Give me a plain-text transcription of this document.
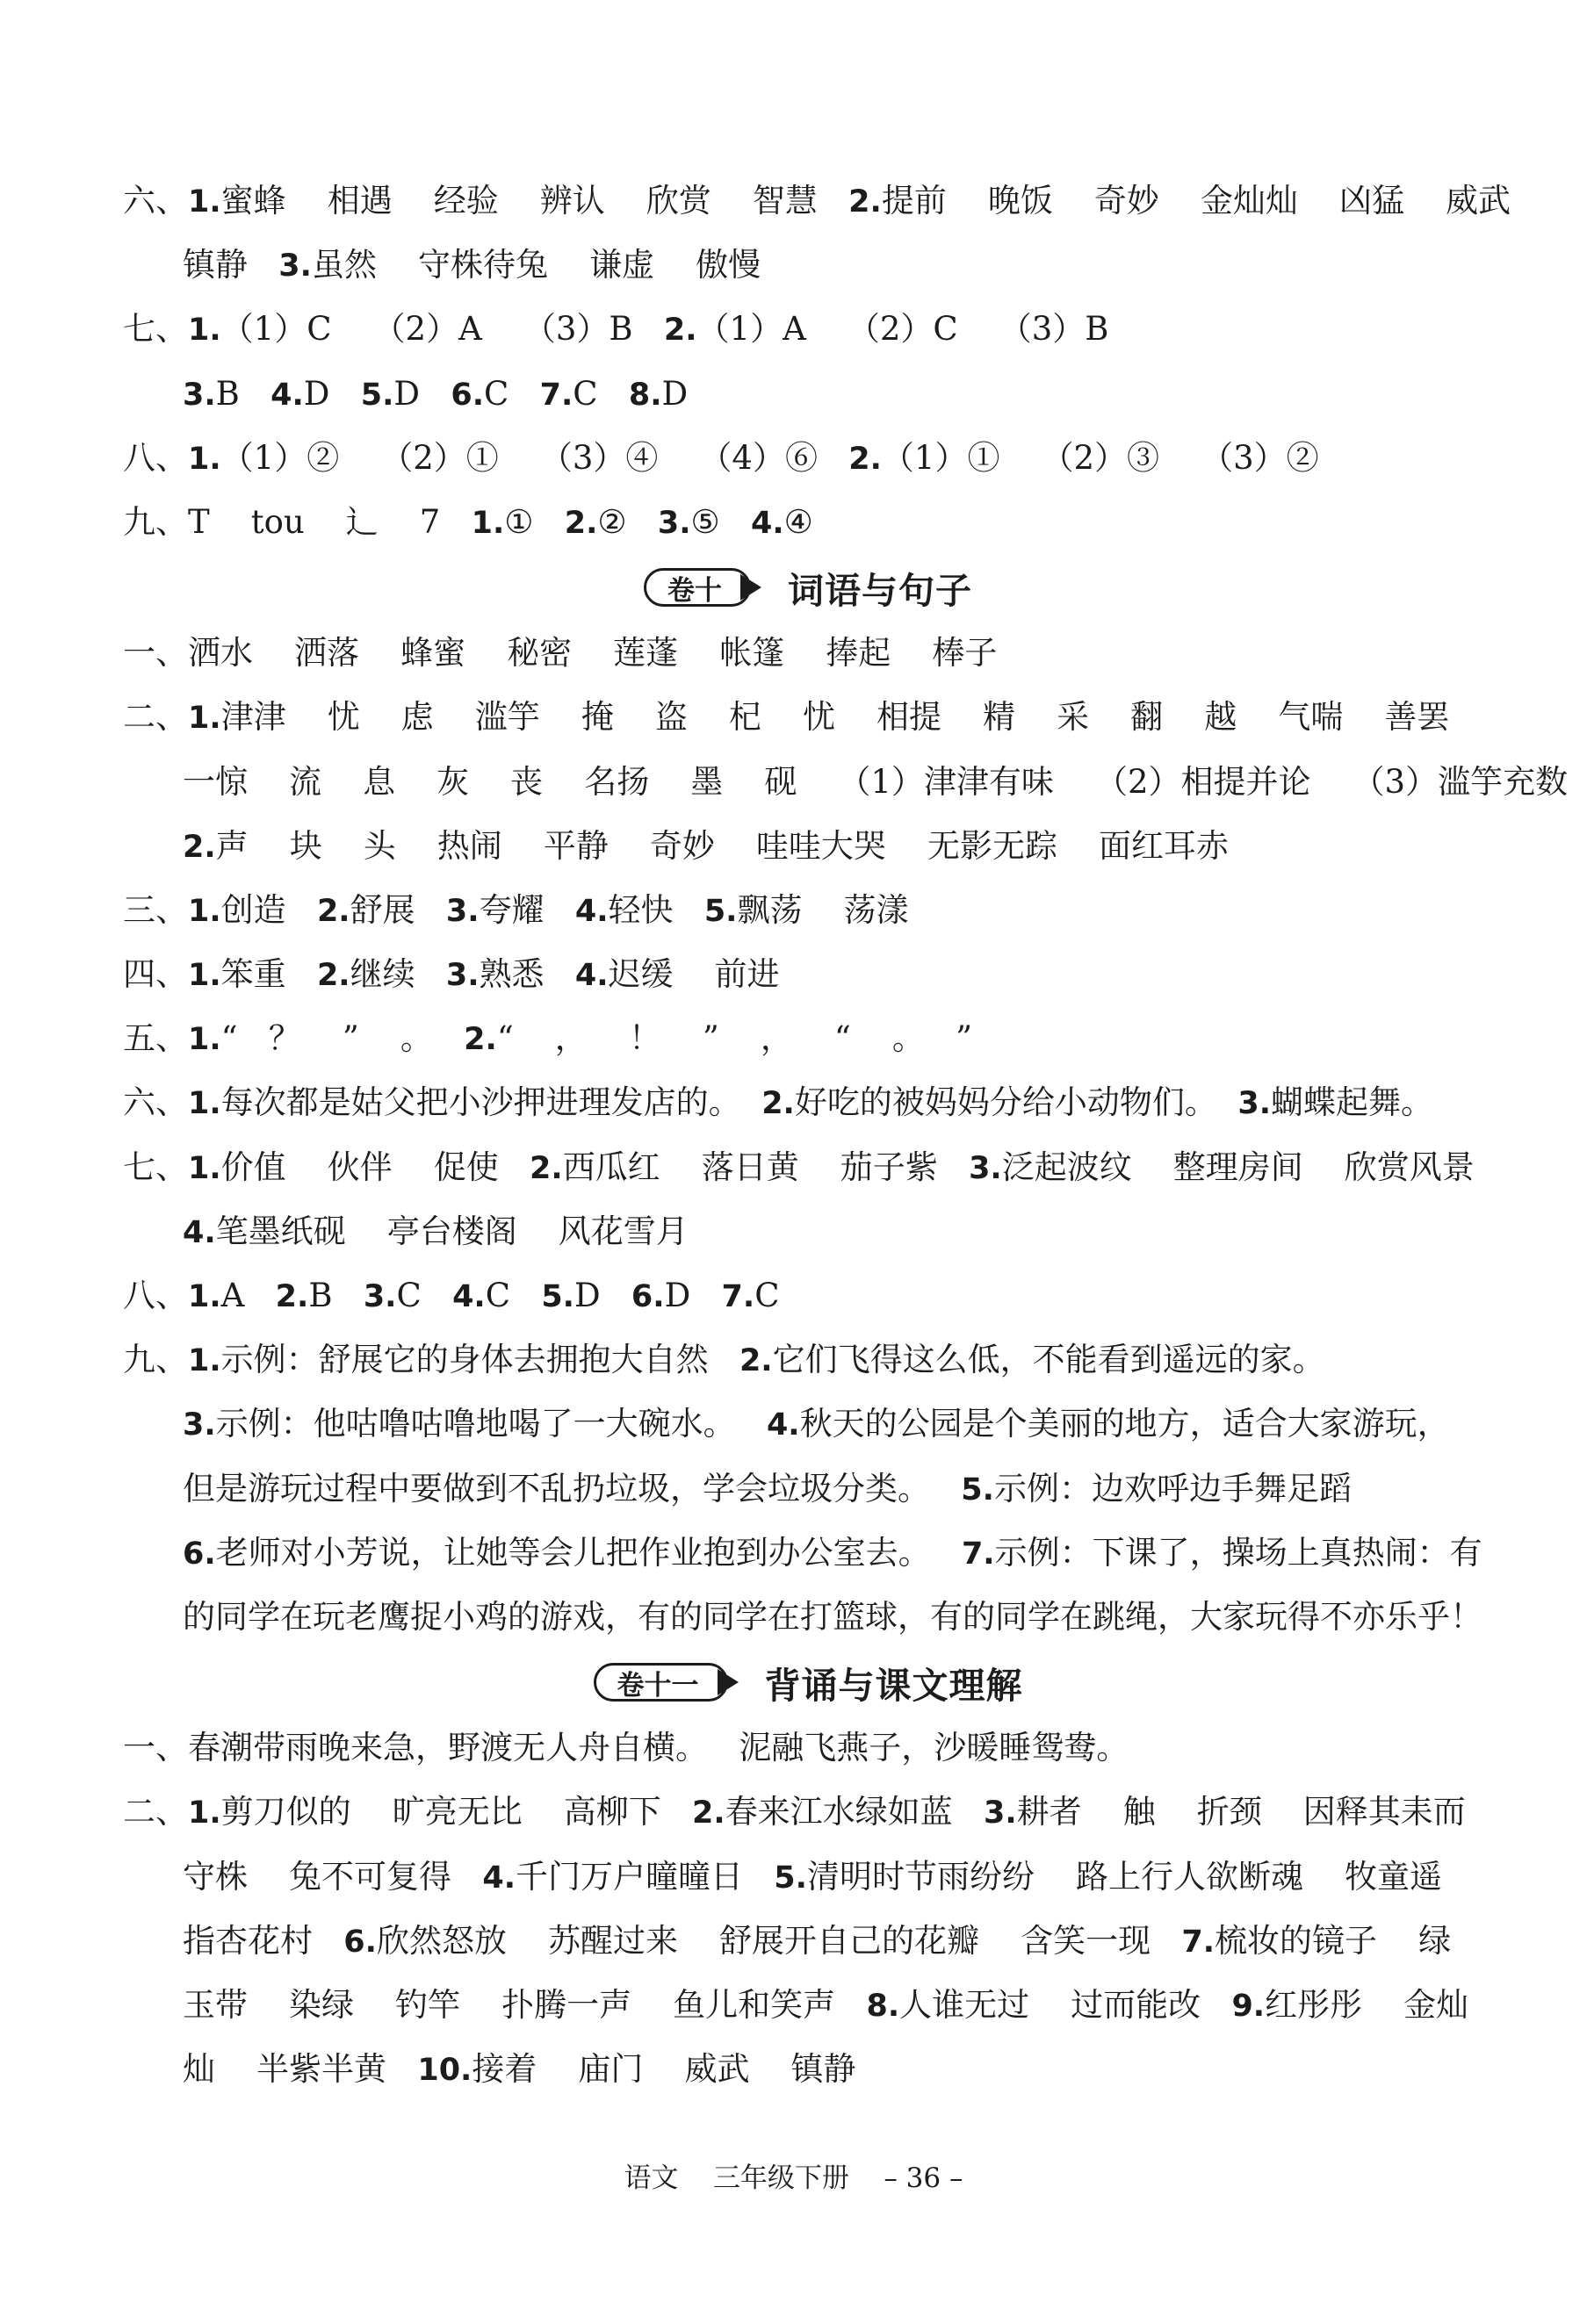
六、1.蜜蜂    相遇    经验    辨认    欣赏    智慧   2.提前    晚饭    奇妙    金灿灿    凶猛    威武
镇静   3.虽然    守株待兔    谦虚    傲慢
七、1.（1）C    （2）A    （3）B   2.（1）A    （2）C    （3）B
3.B   4.D   5.D   6.C   7.C   8.D
八、1.（1）②    （2）①    （3）④    （4）⑥   2.（1）①    （2）③    （3）②
九、T    tou    辶    7   1.①   2.②   3.⑤   4.④
卷十	词语与句子
一、洒水    洒落    蜂蜜    秘密    莲蓬    帐篷    捧起    棒子
二、1.津津    忧    虑    滥竽    掩    盗    杞    忧    相提    精    采    翻    越    气喘    善罢
一惊    流    息    灰    丧    名扬    墨    砚    （1）津津有味    （2）相提并论    （3）滥竽充数
2.声    块    头    热闹    平静    奇妙    哇哇大哭    无影无踪    面红耳赤
三、1.创造   2.舒展   3.夸耀   4.轻快   5.飘荡    荡漾
四、1.笨重   2.继续   3.熟悉   4.迟缓    前进
五、1.“   ？    ”    。   2.“    ，    ！    ”    ，    “    。   ”
六、1.每次都是姑父把小沙押进理发店的。  2.好吃的被妈妈分给小动物们。  3.蝴蝶起舞。
七、1.价值    伙伴    促使   2.西瓜红    落日黄    茄子紫   3.泛起波纹    整理房间    欣赏风景
4.笔墨纸砚    亭台楼阁    风花雪月
八、1.A   2.B   3.C   4.C   5.D   6.D   7.C
九、1.示例：舒展它的身体去拥抱大自然   2.它们飞得这么低，不能看到遥远的家。
3.示例：他咕噜咕噜地喝了一大碗水。   4.秋天的公园是个美丽的地方，适合大家游玩，
但是游玩过程中要做到不乱扔垃圾，学会垃圾分类。   5.示例：边欢呼边手舞足蹈
6.老师对小芳说，让她等会儿把作业抱到办公室去。   7.示例：下课了，操场上真热闹：有
的同学在玩老鹰捉小鸡的游戏，有的同学在打篮球，有的同学在跳绳，大家玩得不亦乐乎！
卷十一	背诵与课文理解
一、春潮带雨晚来急，野渡无人舟自横。   泥融飞燕子，沙暖睡鸳鸯。
二、1.剪刀似的    旷亮无比    高柳下   2.春来江水绿如蓝   3.耕者    触    折颈    因释其耒而
守株    兔不可复得   4.千门万户曈曈日   5.清明时节雨纷纷    路上行人欲断魂    牧童遥
指杏花村   6.欣然怒放    苏醒过来    舒展开自己的花瓣    含笑一现   7.梳妆的镜子    绿
玉带    染绿    钓竿    扑腾一声    鱼儿和笑声   8.人谁无过    过而能改   9.红彤彤    金灿
灿    半紫半黄   10.接着    庙门    威武    镇静
语文    三年级下册    – 36 –
